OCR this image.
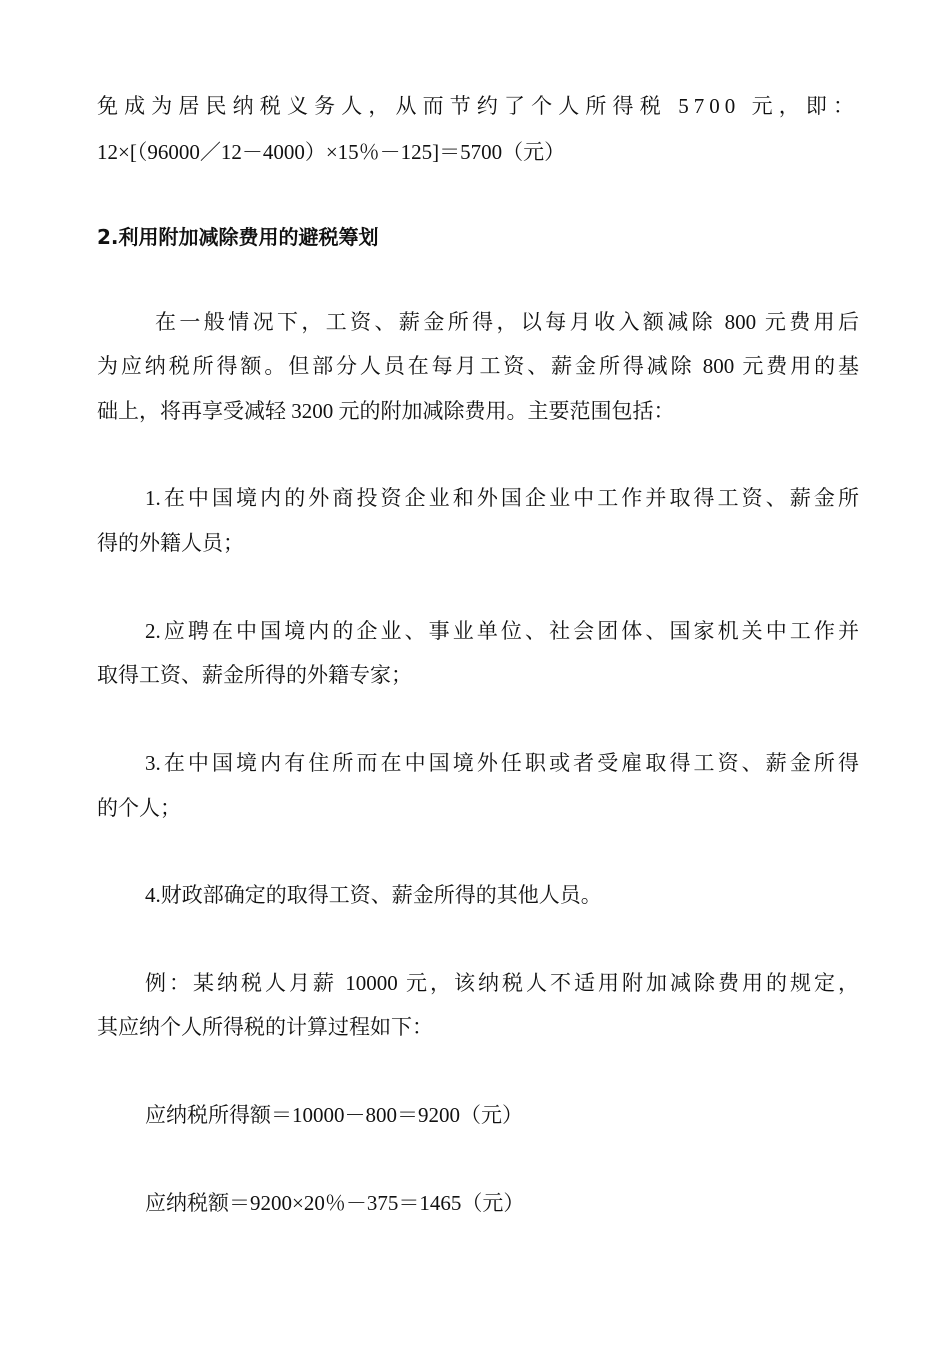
免成为居民纳税义务人，从而节约了个人所得税 5700 元，即：
12×[（96000／12－4000）×15％－125]＝5700（元）
2.利用附加减除费用的避税筹划
在一般情况下，工资、薪金所得，以每月收入额减除 800 元费用后
为应纳税所得额。但部分人员在每月工资、薪金所得减除 800 元费用的基
础上，将再享受减轻 3200 元的附加减除费用。主要范围包括：
1.在中国境内的外商投资企业和外国企业中工作并取得工资、薪金所
得的外籍人员；
2.应聘在中国境内的企业、事业单位、社会团体、国家机关中工作并
取得工资、薪金所得的外籍专家；
3.在中国境内有住所而在中国境外任职或者受雇取得工资、薪金所得
的个人；
4.财政部确定的取得工资、薪金所得的其他人员。
例：某纳税人月薪 10000 元，该纳税人不适用附加减除费用的规定，
其应纳个人所得税的计算过程如下：
应纳税所得额＝10000－800＝9200（元）
应纳税额＝9200×20％－375＝1465（元）
